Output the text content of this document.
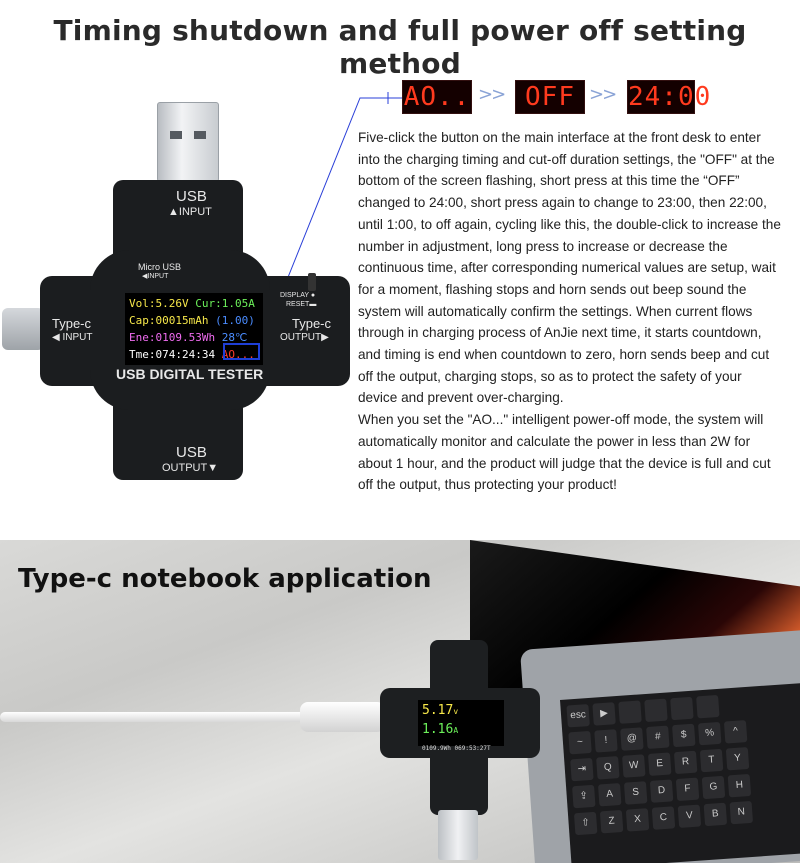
Timing shutdown and full power off setting method
AO.. >> OFF >> 24:00
USB
▲INPUT
Micro USB
◀INPUT
Type-c
◀ INPUT
DISPLAY ●
RESET▬
Type-c
OUTPUT▶
Vol:5.26V Cur:1.05A
Cap:00015mAh (1.00)
Ene:0109.53Wh 28℃
Tme:074:24:34 AO...
USB DIGITAL TESTER
USB
OUTPUT▼

Five-click the button on the main interface at the front desk to enter into the charging timing and cut-off duration settings, the "OFF" at the bottom of the screen flashing, short press at this time the “OFF” changed to 24:00, short press again to change to 23:00, then 22:00, until 1:00, to off again, cycling like this, the double-click to increase the number in adjustment, long press to increase or decrease the continuous time, after corresponding numerical values are setup, wait for a moment, flashing stops and horn sends out beep sound the system will automatically confirm the settings. When current flows through in charging process of AnJie next time, it starts countdown, and timing is end when countdown to zero, horn sends beep and cut off the output, charging stops, so as to protect the safety of your device and prevent over-charging.

When you set the "AO..." intelligent power-off mode, the system will automatically monitor and calculate the power in less than 2W for about 1 hour, and the product will judge that the device is full and cut off the output, thus protecting your product!

esc	▶
~	!	@	#	$	%	^
⇥	Q	W	E	R	T	Y
⇪	A	S	D	F	G	H
⇧	Z	X	C	V	B	N
5.17v 1.16A
0109.9Wh 069:53:27T
Type-c notebook application
